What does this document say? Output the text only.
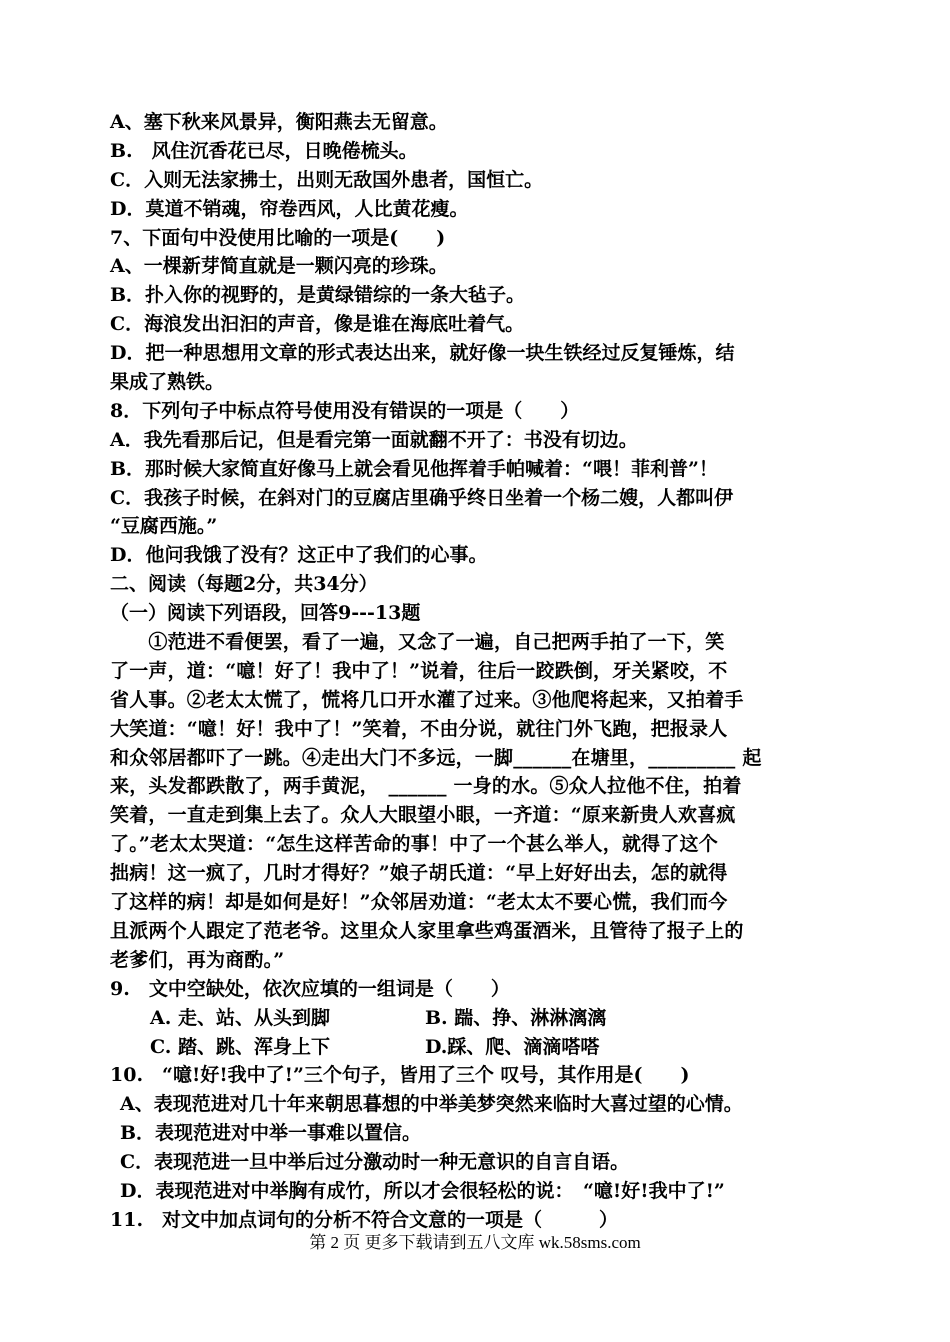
A、塞下秋来风景异，衡阳燕去无留意。
B.　风住沉香花已尽，日晚倦梳头。
C．入则无法家拂士，出则无敌国外患者，国恒亡。
D．莫道不销魂，帘卷西风，人比黄花瘦。
7、下面句中没使用比喻的一项是(　　)
A、一棵新芽简直就是一颗闪亮的珍珠。
B．扑入你的视野的，是黄绿错综的一条大毡子。
C．海浪发出汩汩的声音，像是谁在海底吐着气。
D．把一种思想用文章的形式表达出来，就好像一块生铁经过反复锤炼，结
果成了熟铁。
8．下列句子中标点符号使用没有错误的一项是（　　）
A．我先看那后记，但是看完第一面就翻不开了：书没有切边。
B．那时候大家简直好像马上就会看见他挥着手帕喊着：“喂！菲利普”！
C．我孩子时候，在斜对门的豆腐店里确乎终日坐着一个杨二嫂，人都叫伊
“豆腐西施。”
D．他问我饿了没有？这正中了我们的心事。
二、阅读（每题2分，共34分）
（一）阅读下列语段，回答9---13题
　　①范进不看便罢，看了一遍，又念了一遍，自己把两手拍了一下，笑
了一声，道：“噫！好了！我中了！”说着，往后一跤跌倒，牙关紧咬，不
省人事。②老太太慌了，慌将几口开水灌了过来。③他爬将起来，又拍着手
大笑道：“噫！好！我中了！”笑着，不由分说，就往门外飞跑，把报录人
和众邻居都吓了一跳。④走出大门不多远，一脚______在塘里，_________ 起
来，头发都跌散了，两手黄泥，　______ 一身的水。⑤众人拉他不住，拍着
笑着，一直走到集上去了。众人大眼望小眼，一齐道：“原来新贵人欢喜疯
了。”老太太哭道：“怎生这样苦命的事！中了一个甚么举人，就得了这个
拙病！这一疯了，几时才得好？”娘子胡氏道：“早上好好出去，怎的就得
了这样的病！却是如何是好！”众邻居劝道：“老太太不要心慌，我们而今
且派两个人跟定了范老爷。这里众人家里拿些鸡蛋酒米，且管待了报子上的
老爹们，再为商酌。”
9.　文中空缺处，依次应填的一组词是（　　）
A. 走、站、从头到脚	B. 踹、挣、淋淋漓漓
C. 踏、跳、浑身上下	D.踩、爬、滴滴嗒嗒
10.　“噫!好!我中了!”三个句子，皆用了三个 叹号，其作用是(　　)
A、表现范进对几十年来朝思暮想的中举美梦突然来临时大喜过望的心情。
B．表现范进对中举一事难以置信。
C．表现范进一旦中举后过分激动时一种无意识的自言自语。
D．表现范进对中举胸有成竹，所以才会很轻松的说：　“噫!好!我中了!”
11.　对文中加点词句的分析不符合文意的一项是（　　　）
第 2 页 更多下载请到五八文库 wk.58sms.com
